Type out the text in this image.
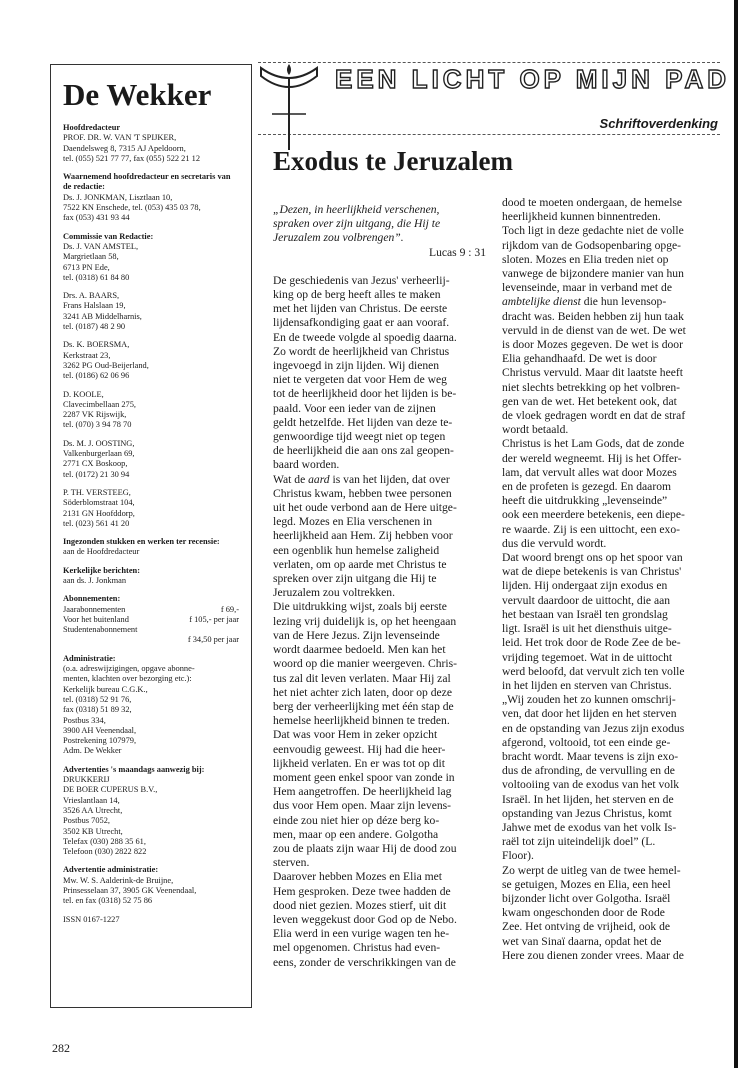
De Wekker
Hoofdredacteur
PROF. DR. W. VAN 'T SPIJKER,
Daendelsweg 8, 7315 AJ Apeldoorn,
tel. (055) 521 77 77, fax (055) 522 21 12
Waarnemend hoofdredacteur en secretaris van de redactie:
Ds. J. JONKMAN, Lisztlaan 10,
7522 KN Enschede, tel. (053) 435 03 78,
fax (053) 431 93 44
Commissie van Redactie:
Ds. J. VAN AMSTEL,
Margrietlaan 58,
6713 PN Ede,
tel. (0318) 61 84 80
Drs. A. BAARS,
Frans Halslaan 19,
3241 AB Middelharnis,
tel. (0187) 48 2 90
Ds. K. BOERSMA,
Kerkstraat 23,
3262 PG Oud-Beijerland,
tel. (0186) 62 06 96
D. KOOLE,
Clavecimbellaan 275,
2287 VK Rijswijk,
tel. (070) 3 94 78 70
Ds. M. J. OOSTING,
Valkenburgerlaan 69,
2771 CX Boskoop,
tel. (0172) 21 30 94
P. TH. VERSTEEG,
Söderblomstraat 104,
2131 GN Hoofddorp,
tel. (023) 561 41 20
Ingezonden stukken en werken ter recensie:
aan de Hoofdredacteur
Kerkelijke berichten:
aan ds. J. Jonkman
Abonnementen:
Jaarabonnementen	f 69,-
Voor het buitenland	f 105,- per jaar
Studentenabonnement
f 34,50 per jaar
Administratie:
(o.a. adreswijzigingen, opgave abonne-
menten, klachten over bezorging etc.):
Kerkelijk bureau C.G.K.,
tel. (0318) 52 91 76,
fax (0318) 51 89 32,
Postbus 334,
3900 AH Veenendaal,
Postrekening 107979,
Adm. De Wekker
Advertenties 's maandags aanwezig bij:
DRUKKERIJ
DE BOER CUPERUS B.V.,
Vrieslantlaan 14,
3526 AA Utrecht,
Postbus 7052,
3502 KB Utrecht,
Telefax (030) 288 35 61,
Telefoon (030) 2822 822
Advertentie administratie:
Mw. W. S. Aalderink-de Bruijne,
Prinsesselaan 37, 3905 GK Veenendaal,
tel. en fax (0318) 52 75 86
ISSN 0167-1227
EEN LICHT OP MIJN PAD
Schriftoverdenking
Exodus te Jeruzalem
„Dezen, in heerlijkheid verschenen,
spraken over zijn uitgang, die Hij te
Jeruzalem zou volbrengen”.

Lucas 9 : 31

De geschiedenis van Jezus' verheerlij-
king op de berg heeft alles te maken
met het lijden van Christus. De eerste
lijdensafkondiging gaat er aan vooraf.
En de tweede volgde al spoedig daarna.
Zo wordt de heerlijkheid van Christus
ingevoegd in zijn lijden. Wij dienen
niet te vergeten dat voor Hem de weg
tot de heerlijkheid door het lijden is be-
paald. Voor een ieder van de zijnen
geldt hetzelfde. Het lijden van deze te-
genwoordige tijd weegt niet op tegen
de heerlijkheid die aan ons zal geopen-
baard worden.
Wat de aard is van het lijden, dat over
Christus kwam, hebben twee personen
uit het oude verbond aan de Here uitge-
legd. Mozes en Elia verschenen in
heerlijkheid aan Hem. Zij hebben voor
een ogenblik hun hemelse zaligheid
verlaten, om op aarde met Christus te
spreken over zijn uitgang die Hij te
Jeruzalem zou voltrekken.
Die uitdrukking wijst, zoals bij eerste
lezing vrij duidelijk is, op het heengaan
van de Here Jezus. Zijn levenseinde
wordt daarmee bedoeld. Men kan het
woord op die manier weergeven. Chris-
tus zal dit leven verlaten. Maar Hij zal
het niet achter zich laten, door op deze
berg der verheerlijking met één stap de
hemelse heerlijkheid binnen te treden.
Dat was voor Hem in zeker opzicht
eenvoudig geweest. Hij had die heer-
lijkheid verlaten. En er was tot op dit
moment geen enkel spoor van zonde in
Hem aangetroffen. De heerlijkheid lag
dus voor Hem open. Maar zijn levens-
einde zou niet hier op déze berg ko-
men, maar op een andere. Golgotha
zou de plaats zijn waar Hij de dood zou
sterven.
Daarover hebben Mozes en Elia met
Hem gesproken. Deze twee hadden de
dood niet gezien. Mozes stierf, uit dit
leven weggekust door God op de Nebo.
Elia werd in een vurige wagen ten he-
mel opgenomen. Christus had even-
eens, zonder de verschrikkingen van de
dood te moeten ondergaan, de hemelse
heerlijkheid kunnen binnentreden.
Toch ligt in deze gedachte niet de volle
rijkdom van de Godsopenbaring opge-
sloten. Mozes en Elia treden niet op
vanwege de bijzondere manier van hun
levenseinde, maar in verband met de
ambtelijke dienst die hun levensop-
dracht was. Beiden hebben zij hun taak
vervuld in de dienst van de wet. De wet
is door Mozes gegeven. De wet is door
Elia gehandhaafd. De wet is door
Christus vervuld. Maar dit laatste heeft
niet slechts betrekking op het volbren-
gen van de wet. Het betekent ook, dat
de vloek gedragen wordt en dat de straf
wordt betaald.
Christus is het Lam Gods, dat de zonde
der wereld wegneemt. Hij is het Offer-
lam, dat vervult alles wat door Mozes
en de profeten is gezegd. En daarom
heeft die uitdrukking „levenseinde”
ook een meerdere betekenis, een diepe-
re waarde. Zij is een uittocht, een exo-
dus die vervuld wordt.
Dat woord brengt ons op het spoor van
wat de diepe betekenis is van Christus'
lijden. Hij ondergaat zijn exodus en
vervult daardoor de uittocht, die aan
het bestaan van Israël ten grondslag
ligt. Israël is uit het diensthuis uitge-
leid. Het trok door de Rode Zee de be-
vrijding tegemoet. Wat in de uittocht
werd beloofd, dat vervult zich ten volle
in het lijden en sterven van Christus.
„Wij zouden het zo kunnen omschrij-
ven, dat door het lijden en het sterven
en de opstanding van Jezus zijn exodus
afgerond, voltooid, tot een einde ge-
bracht wordt. Maar tevens is zijn exo-
dus de afronding, de vervulling en de
voltooiing van de exodus van het volk
Israël. In het lijden, het sterven en de
opstanding van Jezus Christus, komt
Jahwe met de exodus van het volk Is-
raël tot zijn uiteindelijk doel” (L.
Floor).
Zo werpt de uitleg van de twee hemel-
se getuigen, Mozes en Elia, een heel
bijzonder licht over Golgotha. Israël
kwam ongeschonden door de Rode
Zee. Het ontving de vrijheid, ook de
wet van Sinaï daarna, opdat het de
Here zou dienen zonder vrees. Maar de
282
